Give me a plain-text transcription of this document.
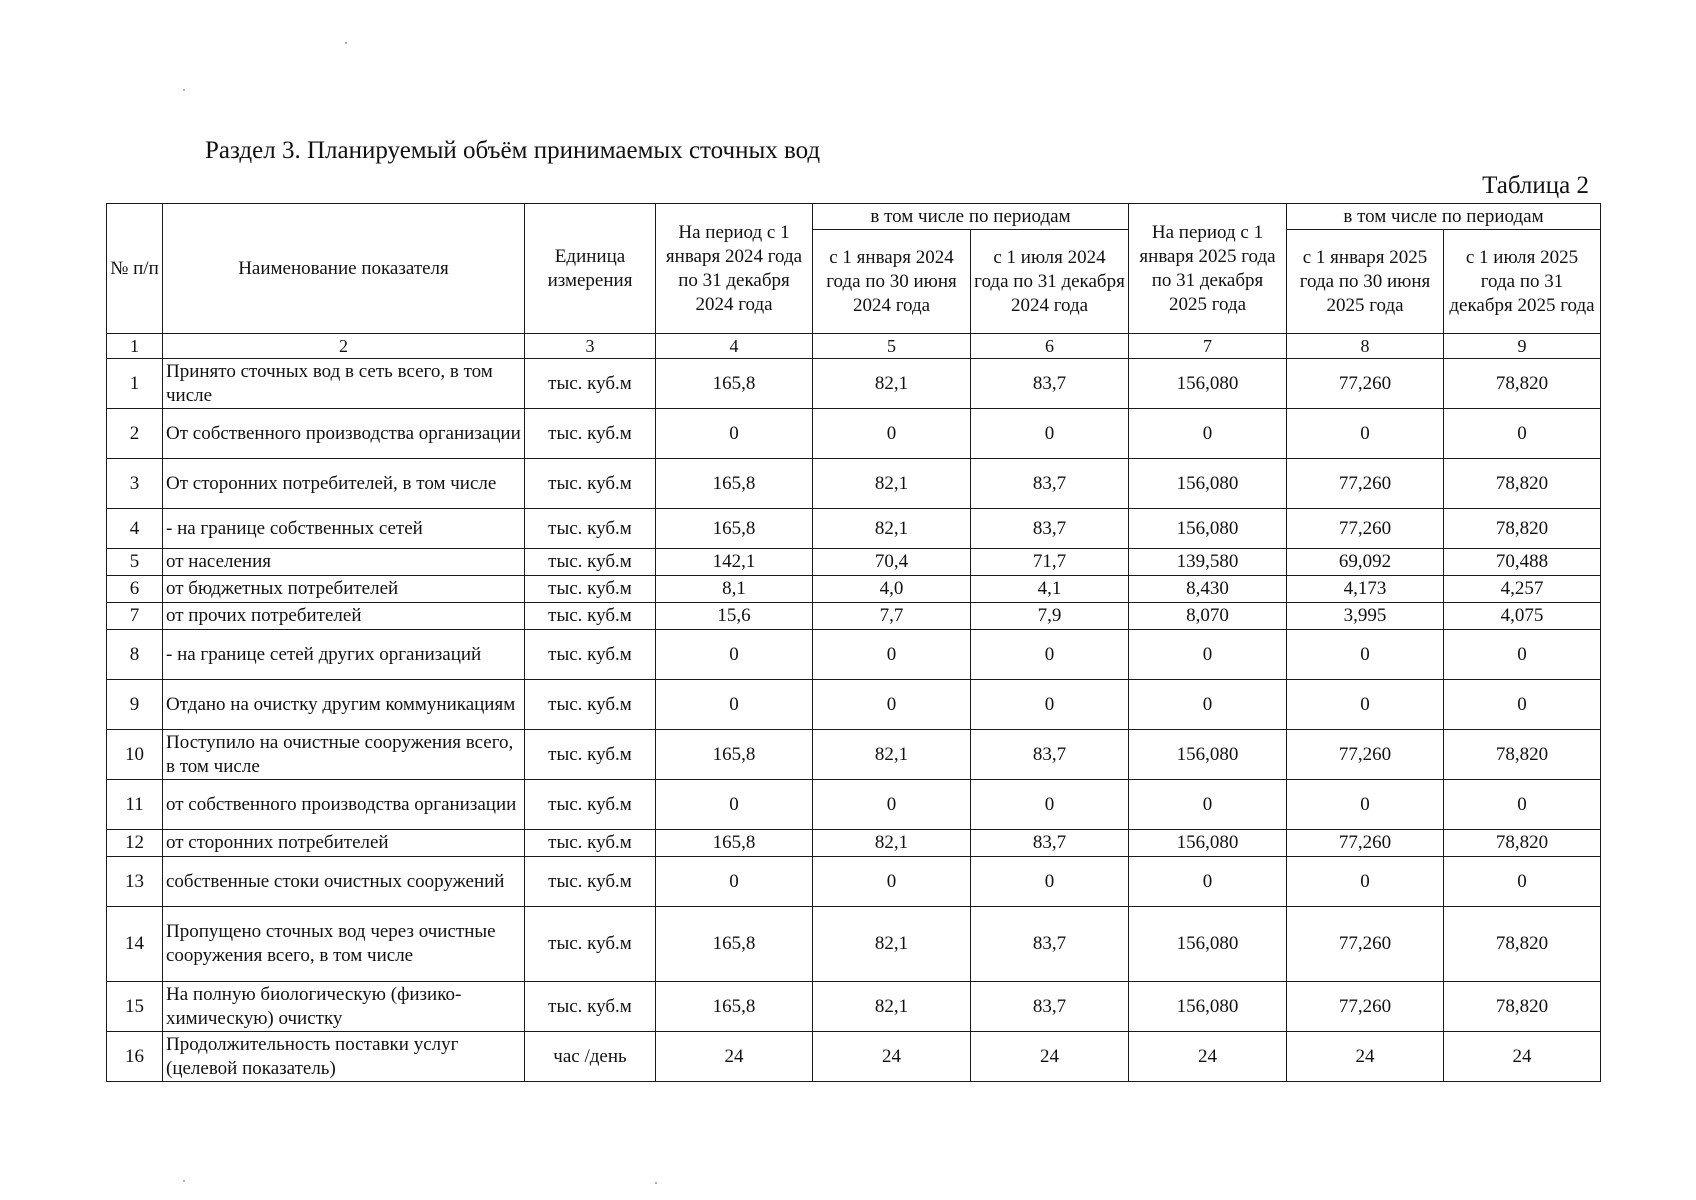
Раздел 3. Планируемый объём принимаемых сточных вод
Таблица 2
№ п/п	Наименование показателя	Единица измерения	На период с 1 января 2024 года по 31 декабря 2024 года	в том числе по периодам		На период с 1 января 2025 года по 31 декабря 2025 года	в том числе по периодам	
				с 1 января 2024 года по 30 июня 2024 года	с 1 июля 2024 года по 31 декабря 2024 года		с 1 января 2025 года по 30 июня 2025 года	с 1 июля 2025 года по 31 декабря 2025 года
1	2	3	4	5	6	7	8	9
1	Принято сточных вод в сеть всего, в том числе	тыс. куб.м	165,8	82,1	83,7	156,080	77,260	78,820
2	От собственного производства организации	тыс. куб.м	0	0	0	0	0	0
3	От сторонних потребителей, в том числе	тыс. куб.м	165,8	82,1	83,7	156,080	77,260	78,820
4	- на границе собственных сетей	тыс. куб.м	165,8	82,1	83,7	156,080	77,260	78,820
5	от населения	тыс. куб.м	142,1	70,4	71,7	139,580	69,092	70,488
6	от бюджетных потребителей	тыс. куб.м	8,1	4,0	4,1	8,430	4,173	4,257
7	от прочих потребителей	тыс. куб.м	15,6	7,7	7,9	8,070	3,995	4,075
8	- на границе сетей других организаций	тыс. куб.м	0	0	0	0	0	0
9	Отдано на очистку другим коммуникациям	тыс. куб.м	0	0	0	0	0	0
10	Поступило на очистные сооружения всего, в том числе	тыс. куб.м	165,8	82,1	83,7	156,080	77,260	78,820
11	от собственного производства организации	тыс. куб.м	0	0	0	0	0	0
12	от сторонних потребителей	тыс. куб.м	165,8	82,1	83,7	156,080	77,260	78,820
13	собственные стоки очистных сооружений	тыс. куб.м	0	0	0	0	0	0
14	Пропущено сточных вод через очистные сооружения всего, в том числе	тыс. куб.м	165,8	82,1	83,7	156,080	77,260	78,820
15	На полную биологическую (физико-химическую) очистку	тыс. куб.м	165,8	82,1	83,7	156,080	77,260	78,820
16	Продолжительность поставки услуг (целевой показатель)	час /день	24	24	24	24	24	24
